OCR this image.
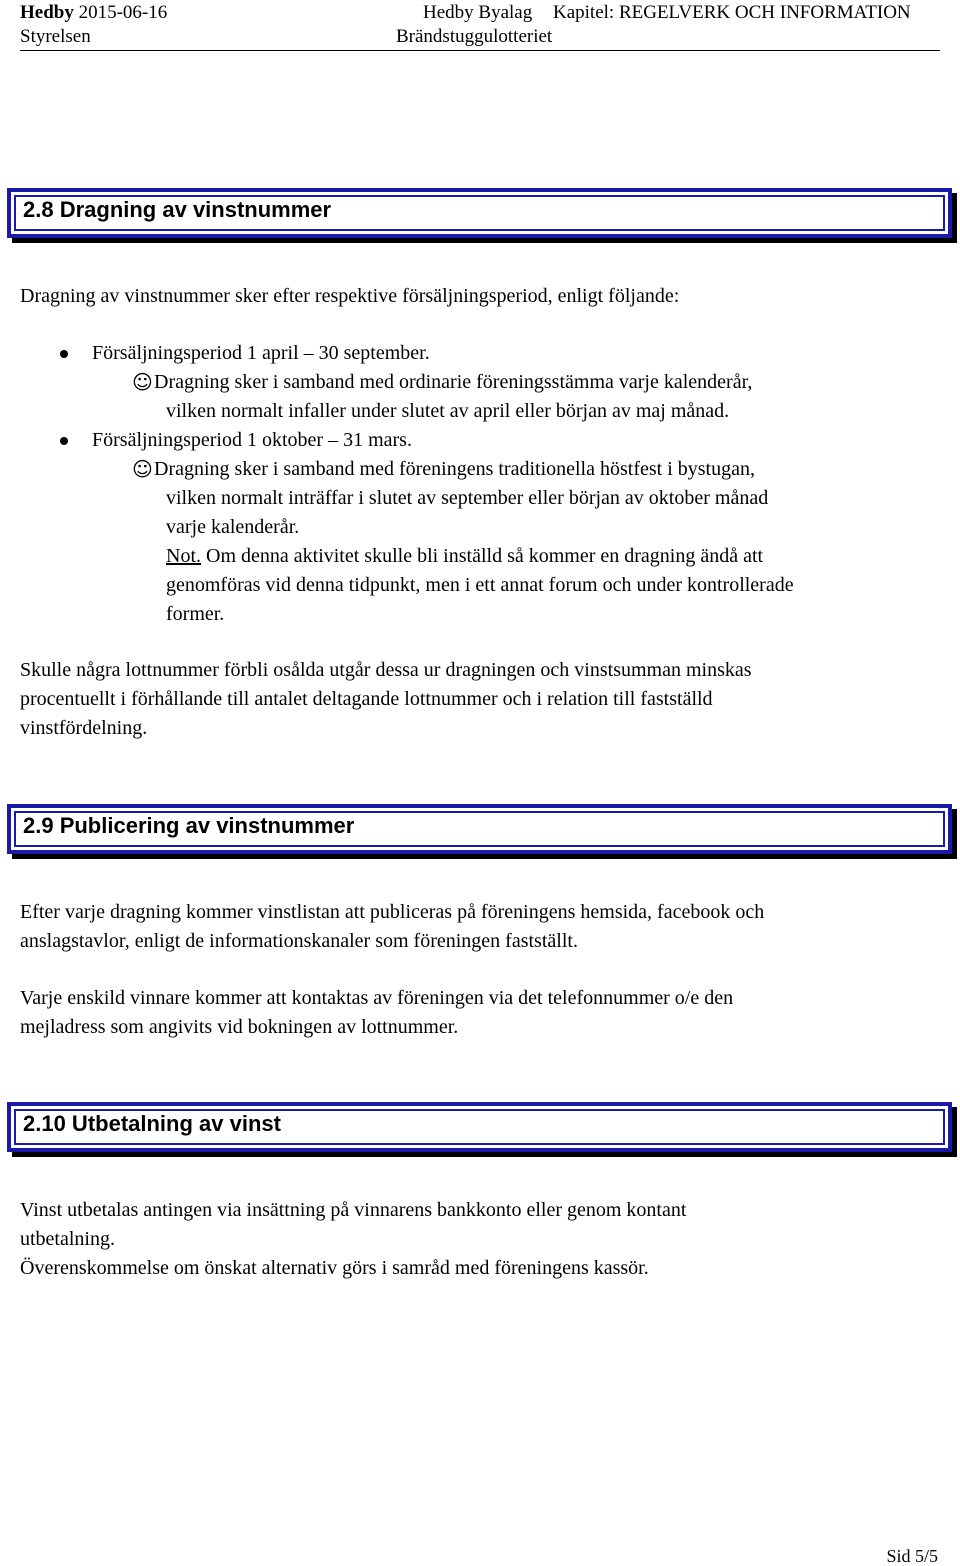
Hedby 2015-06-16
Styrelsen
Hedby Byalag Kapitel: REGELVERK OCH INFORMATION
Brändstuggulotteriet
2.8 Dragning av vinstnummer
Dragning av vinstnummer sker efter respektive försäljningsperiod, enligt följande:
Försäljningsperiod 1 april – 30 september.
☺ Dragning sker i samband med ordinarie föreningsstämma varje kalenderår,
vilken normalt infaller under slutet av april eller början av maj månad.
Försäljningsperiod 1 oktober – 31 mars.
☺ Dragning sker i samband med föreningens traditionella höstfest i bystugan,
vilken normalt inträffar i slutet av september eller början av oktober månad
varje kalenderår.
Not. Om denna aktivitet skulle bli inställd så kommer en dragning ändå att
genomföras vid denna tidpunkt, men i ett annat forum och under kontrollerade
former.
Skulle några lottnummer förbli osålda utgår dessa ur dragningen och vinstsumman minskas
procentuellt i förhållande till antalet deltagande lottnummer och i relation till fastställd
vinstfördelning.
2.9 Publicering av vinstnummer
Efter varje dragning kommer vinstlistan att publiceras på föreningens hemsida, facebook och
anslagstavlor, enligt de informationskanaler som föreningen fastställt.
Varje enskild vinnare kommer att kontaktas av föreningen via det telefonnummer o/e den
mejladress som angivits vid bokningen av lottnummer.
2.10 Utbetalning av vinst
Vinst utbetalas antingen via insättning på vinnarens bankkonto eller genom kontant
utbetalning.
Överenskommelse om önskat alternativ görs i samråd med föreningens kassör.
Sid 5/5
